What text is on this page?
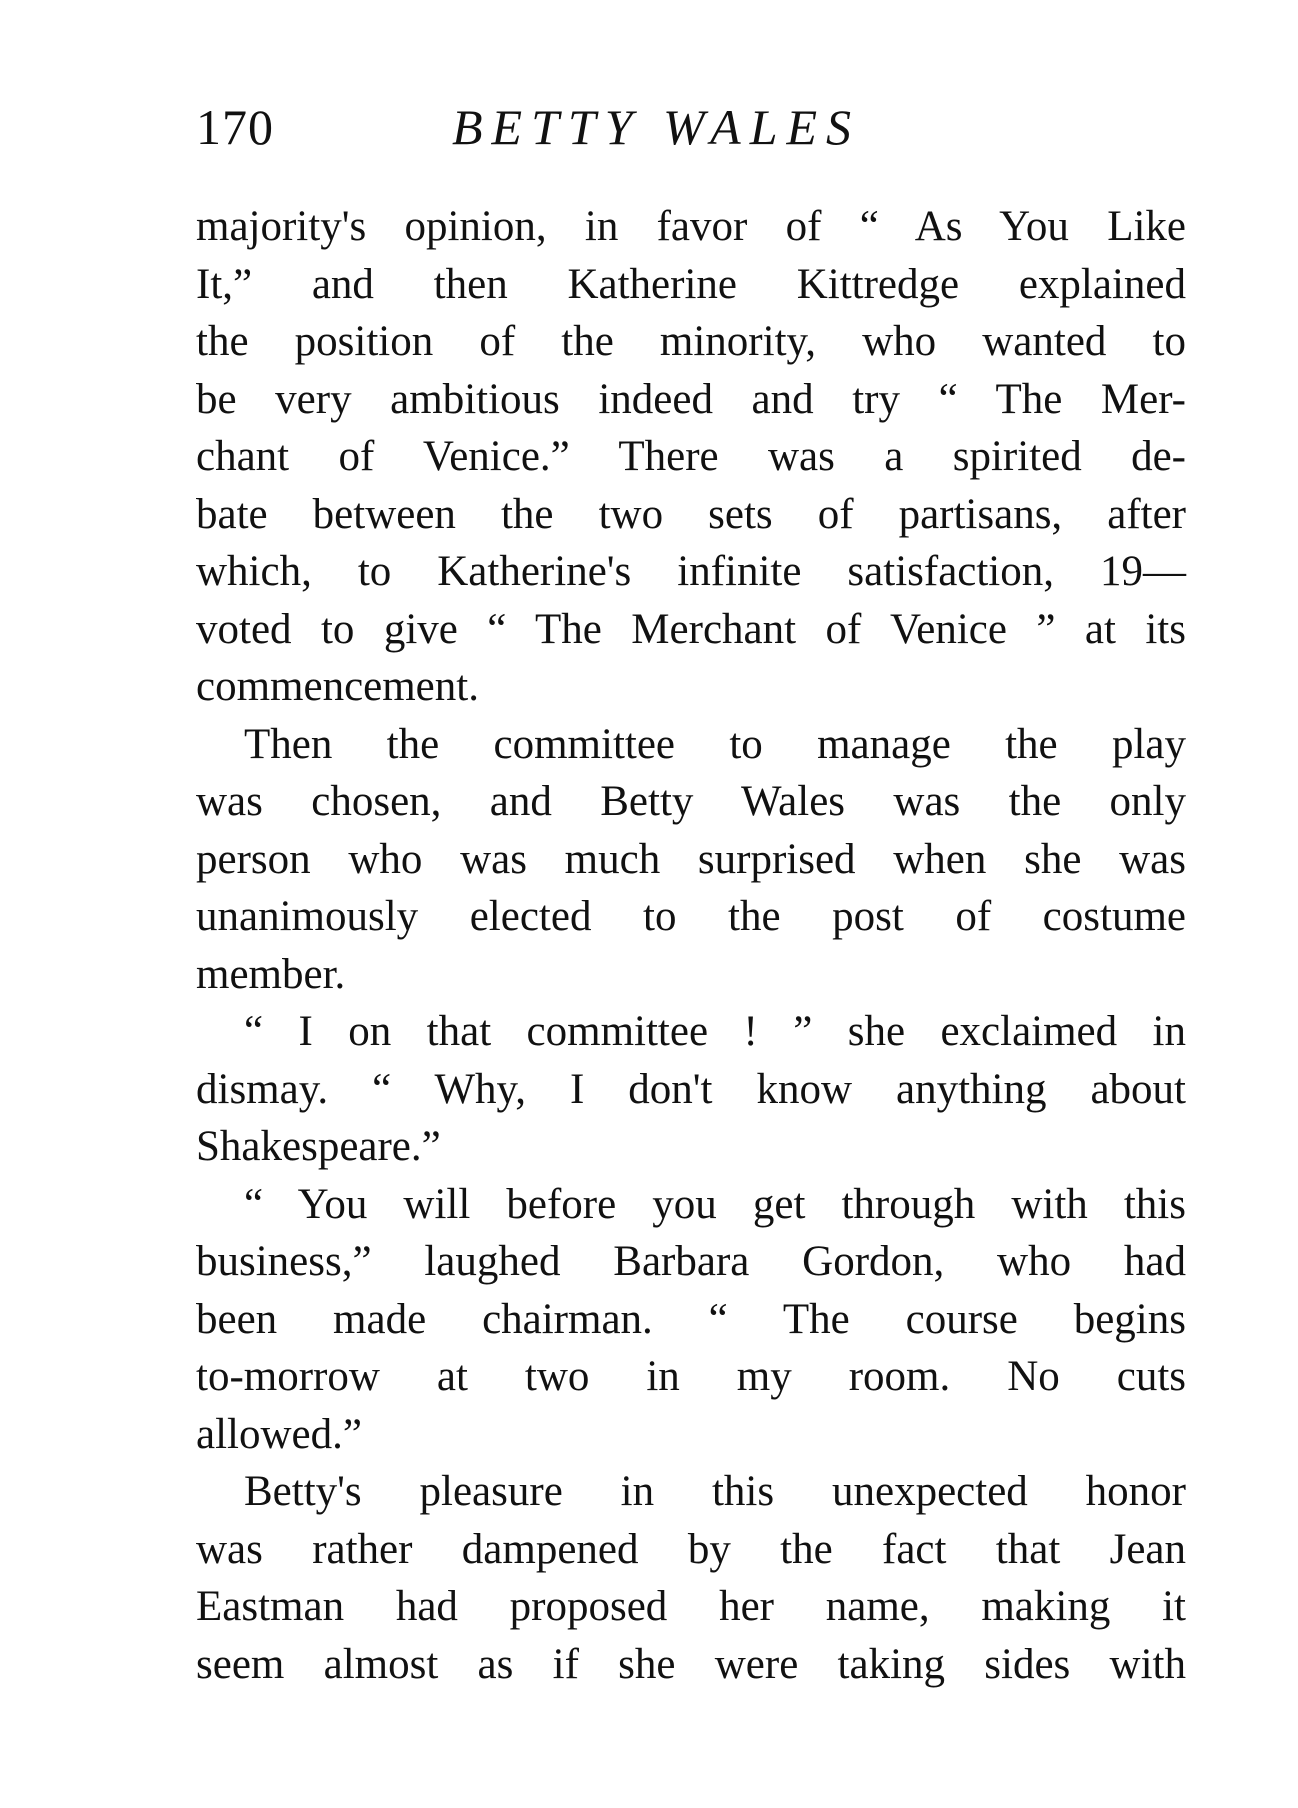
170	BETTY WALES
majority's opinion, in favor of “ As You Like
It,” and then Katherine Kittredge explained
the position of the minority, who wanted to
be very ambitious indeed and try “ The Mer-
chant of Venice.” There was a spirited de-
bate between the two sets of partisans, after
which, to Katherine's infinite satisfaction, 19—
voted to give “ The Merchant of Venice ” at its
commencement.
Then the committee to manage the play
was chosen, and Betty Wales was the only
person who was much surprised when she was
unanimously elected to the post of costume
member.
“ I on that committee ! ” she exclaimed in
dismay. “ Why, I don't know anything about
Shakespeare.”
“ You will before you get through with this
business,” laughed Barbara Gordon, who had
been made chairman. “ The course begins
to-morrow at two in my room. No cuts
allowed.”
Betty's pleasure in this unexpected honor
was rather dampened by the fact that Jean
Eastman had proposed her name, making it
seem almost as if she were taking sides with
